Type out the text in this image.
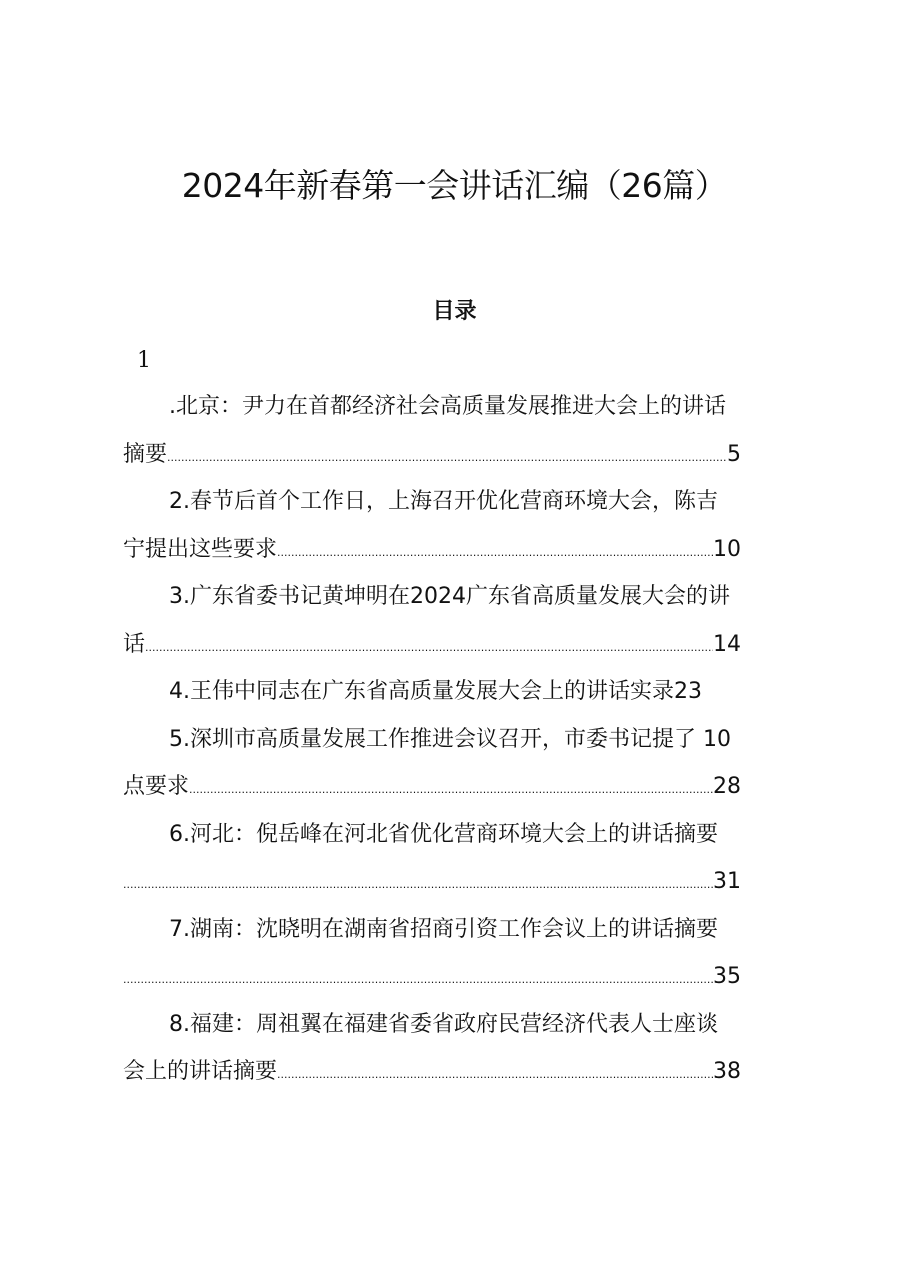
2024年新春第一会讲话汇编（26篇）
目录
1
.北京：尹力在首都经济社会高质量发展推进大会上的讲话
摘要 .....	5
2.春节后首个工作日，上海召开优化营商环境大会，陈吉
宁提出这些要求 .....	10
3.广东省委书记黄坤明在2024广东省高质量发展大会的讲
话 .....	14
4.王伟中同志在广东省高质量发展大会上的讲话实录 23
5.深圳市高质量发展工作推进会议召开，市委书记提了 10
点要求 .....	28
6.河北：倪岳峰在河北省优化营商环境大会上的讲话摘要
.....
31
7.湖南：沈晓明在湖南省招商引资工作会议上的讲话摘要
.....
35
8.福建：周祖翼在福建省委省政府民营经济代表人士座谈
会上的讲话摘要 .....	38
